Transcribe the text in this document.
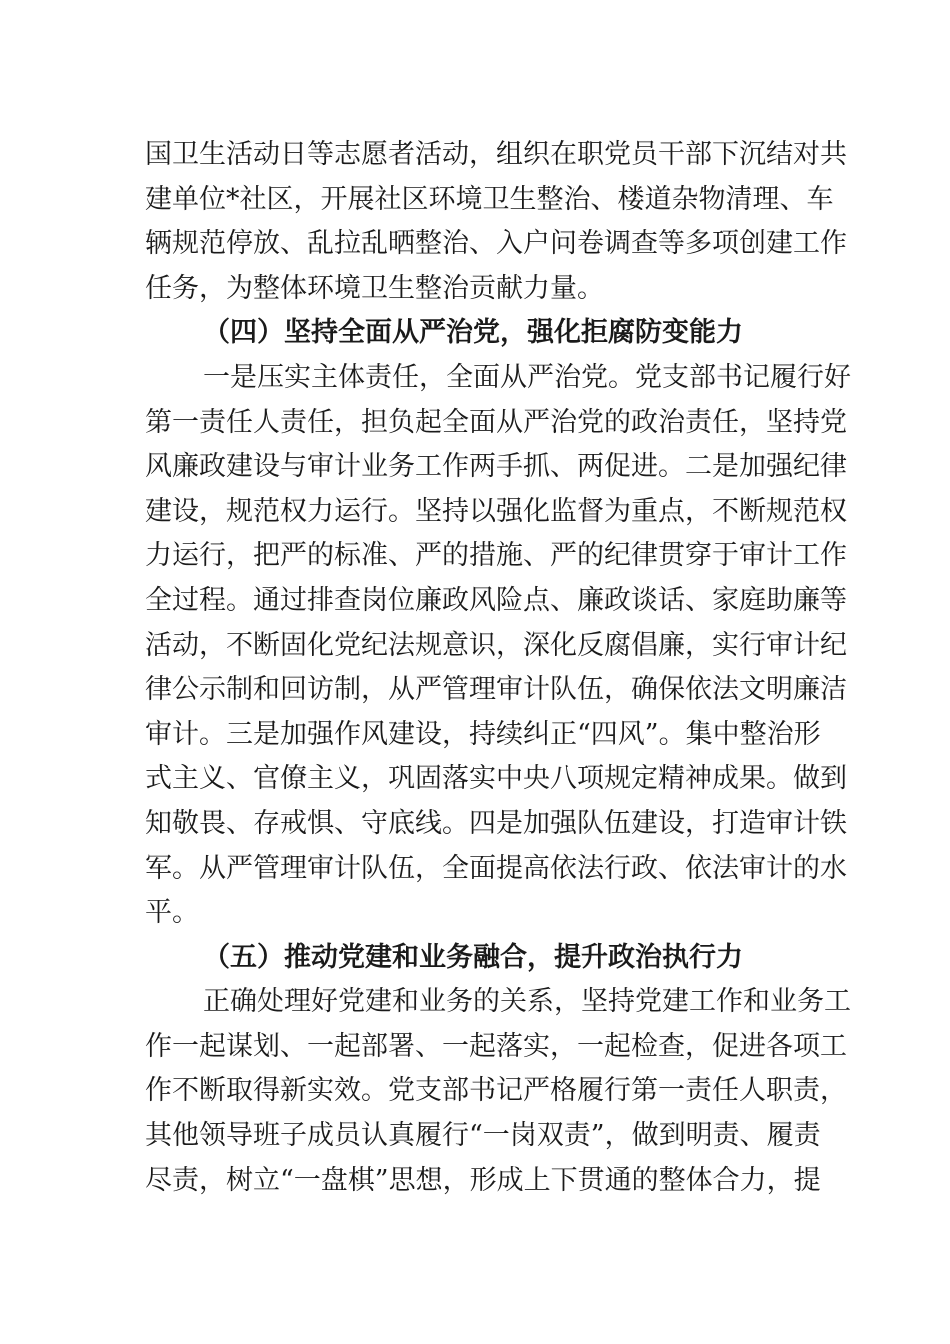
国卫生活动日等志愿者活动，组织在职党员干部下沉结对共
建单位*社区，开展社区环境卫生整治、楼道杂物清理、车
辆规范停放、乱拉乱晒整治、入户问卷调查等多项创建工作
任务，为整体环境卫生整治贡献力量。
（四）坚持全面从严治党，强化拒腐防变能力
一是压实主体责任，全面从严治党。党支部书记履行好
第一责任人责任，担负起全面从严治党的政治责任，坚持党
风廉政建设与审计业务工作两手抓、两促进。二是加强纪律
建设，规范权力运行。坚持以强化监督为重点，不断规范权
力运行，把严的标准、严的措施、严的纪律贯穿于审计工作
全过程。通过排查岗位廉政风险点、廉政谈话、家庭助廉等
活动，不断固化党纪法规意识，深化反腐倡廉，实行审计纪
律公示制和回访制，从严管理审计队伍，确保依法文明廉洁
审计。三是加强作风建设，持续纠正“四风”。集中整治形
式主义、官僚主义，巩固落实中央八项规定精神成果。做到
知敬畏、存戒惧、守底线。四是加强队伍建设，打造审计铁
军。从严管理审计队伍，全面提高依法行政、依法审计的水
平。
（五）推动党建和业务融合，提升政治执行力
正确处理好党建和业务的关系，坚持党建工作和业务工
作一起谋划、一起部署、一起落实，一起检查，促进各项工
作不断取得新实效。党支部书记严格履行第一责任人职责，
其他领导班子成员认真履行“一岗双责”，做到明责、履责
尽责，树立“一盘棋”思想，形成上下贯通的整体合力，提
